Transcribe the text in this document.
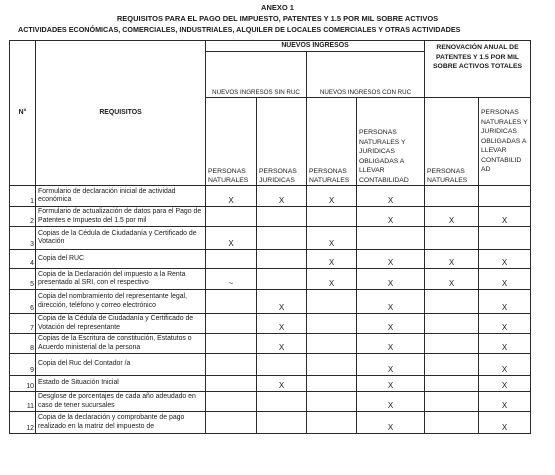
ANEXO 1
REQUISITOS PARA EL PAGO DEL IMPUESTO, PATENTES Y 1.5 POR MIL SOBRE ACTIVOS
ACTIVIDADES ECONÓMICAS, COMERCIALES, INDUSTRIALES, ALQUILER DE LOCALES COMERCIALES Y OTRAS ACTIVIDADES
N°	REQUISITOS	NUEVOS INGRESOS				RENOVACIÓN ANUAL DE PATENTES Y 1.5 POR MIL SOBRE ACTIVOS TOTALES	
		NUEVOS INGRESOS SIN RUC		NUEVOS INGRESOS CON RUC			
		PERSONAS NATURALES	PERSONAS JURIDICAS	PERSONAS NATURALES	PERSONAS NATURALES Y JURIDICAS OBLIGADAS A LLEVAR CONTABILIDAD	PERSONAS NATURALES	PERSONAS NATURALES Y JURIDICAS OBLIGADAS A LLEVAR CONTABILID AD

1	Formulario de declaración inicial de actividad económica	X	X	X	X		
2	Formulario de actualización de datos para el Pago de Patentes e Impuesto del 1.5 por mil				X	X	X
3	Copias de la Cédula de Ciudadanía y Certificado de Votación	X		X			
4	Copia del RUC			X	X	X	X
5	Copia de la Declaración del impuesto a la Renta presentado al SRI, con el respectivo	~		X	X	X	X
6	Copia del nombramiento del representante legal, dirección, teléfono y correo electrónico		X		X		X
7	Copia de la Cédula de Ciudadanía y Certificado de Votación del representante		X		X		X
8	Copias de la Escritura de constitución, Estatutos o Acuerdo ministerial de la persona		X		X		X
9	Copia del Ruc del Contador /a				X		X
10	Estado de Situación Inicial		X		X		X
11	Desglose de porcentajes de cada año adeudado en caso de tener sucursales				X		X
12	Copia de la declaración y comprobante de pago realizado en la matriz del impuesto de				X		X
